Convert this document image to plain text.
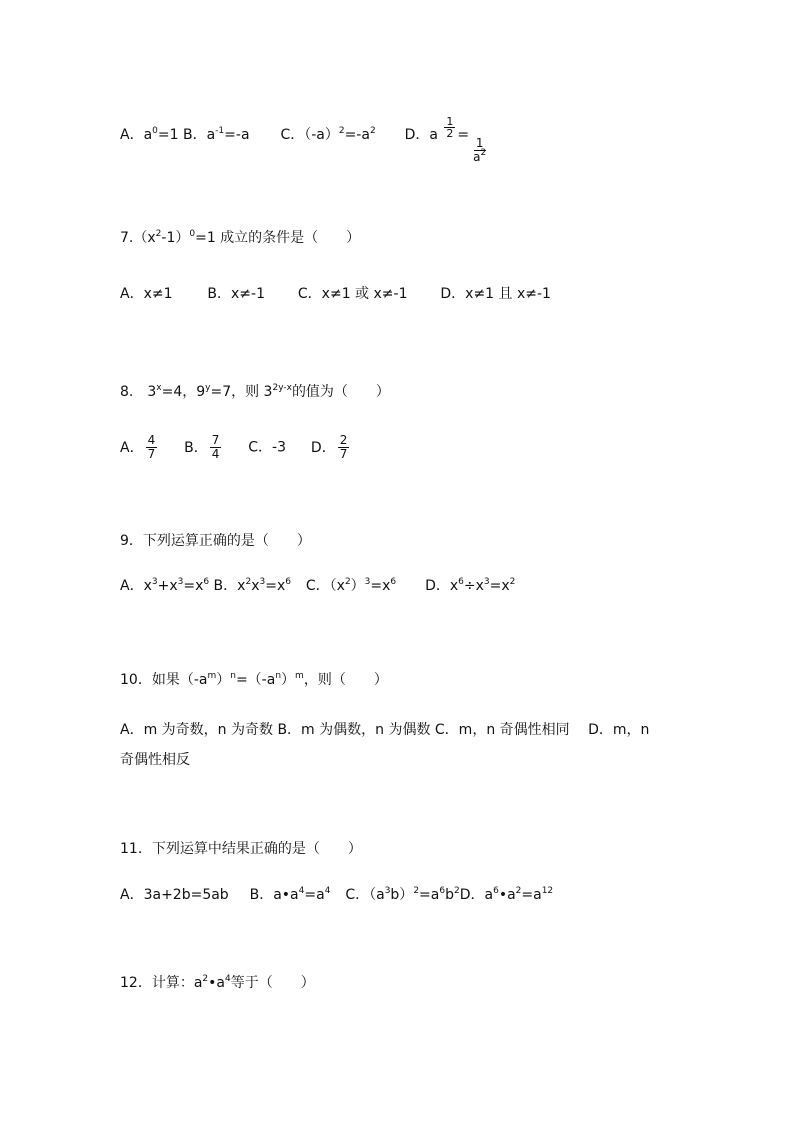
A．$a^0=1$ B．$a^{-1}=-a$ C．$(-a)^2=-a^2$ D．a $\frac{1}{2}$ =
$\frac{1}{a^2}$
$7.(x^2-1)^0=1$ 成立的条件是（　　）
A．x≠1 B．x≠-1 C．x≠1 或 x≠-1 D．x≠1 且 x≠-1
8.　$3^x=4$，$9^y=7$，则 $3^{2y-x}$的值为（　　）
A． $\frac{4}{7}$ B． $\frac{7}{4}$ C．-3 D． $\frac{2}{7}$
9．下列运算正确的是（　　）
A．$x^3+x^3=x^6$ B．$x^2x^3=x^6$  C．$(x^2)^3=x^6$ D．$x^6\div x^3=x^2$
10．如果$(-a^m)^n=(-a^n)^m$，则（　　）
A．m 为奇数，n 为奇数 B．m 为偶数，n 为偶数 C．m，n 奇偶性相同　 D．m，n
奇偶性相反
11．下列运算中结果正确的是（　　）
A．3a+2b=5ab B．$a•a^4=a^4$ C．$(a^3b)^2=a^6b^2D$．$a^6•a^2=a^{12}$
12．计算：$a^2•a^4$等于（　　）
